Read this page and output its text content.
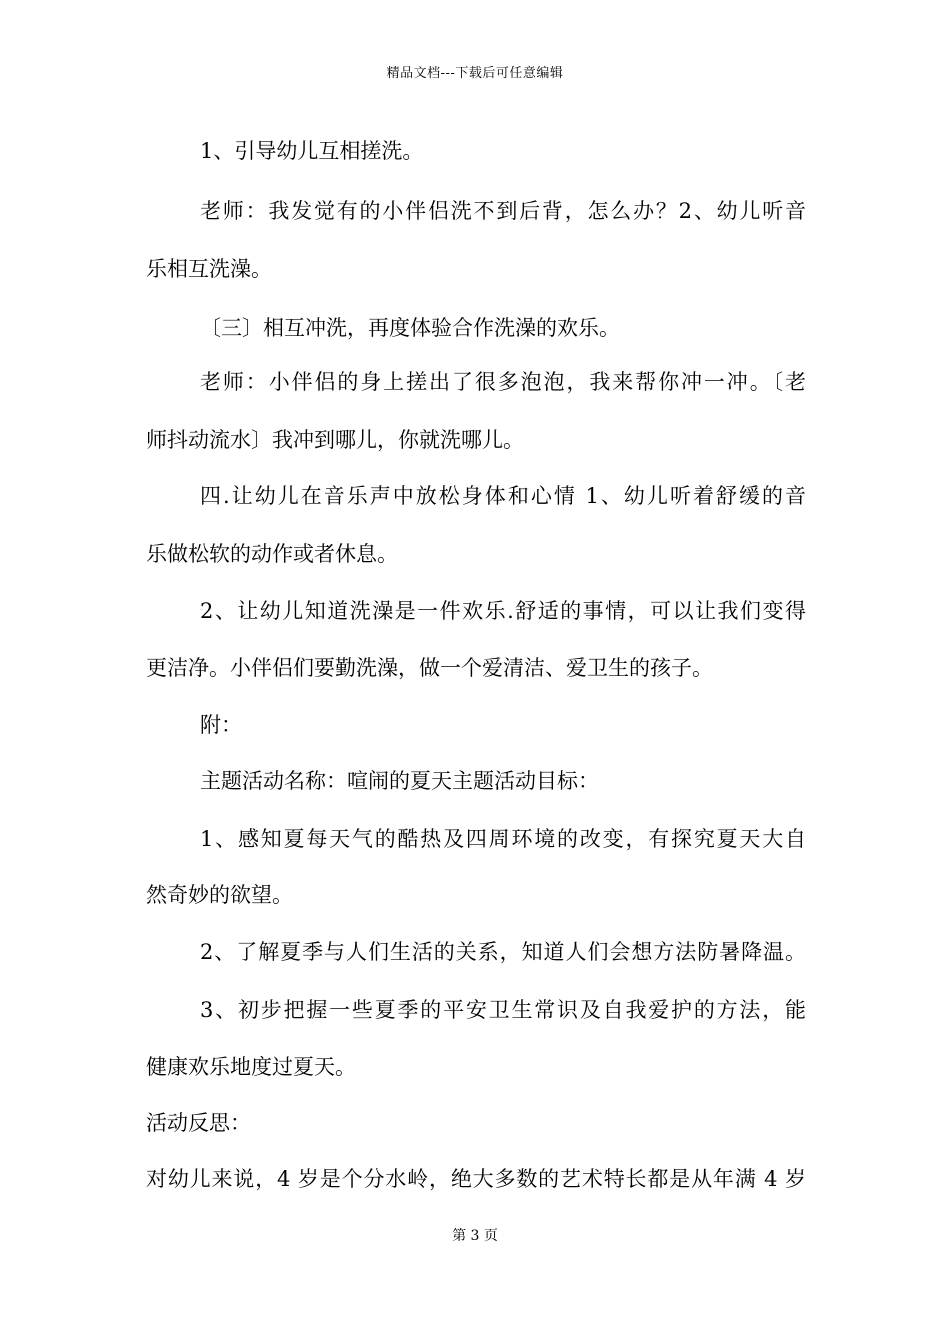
精品文档---下载后可任意编辑
1、引导幼儿互相搓洗。
老师：我发觉有的小伴侣洗不到后背，怎么办？2、幼儿听音
乐相互洗澡。
〔三〕相互冲洗，再度体验合作洗澡的欢乐。
老师：小伴侣的身上搓出了很多泡泡，我来帮你冲一冲。〔老
师抖动流水〕我冲到哪儿，你就洗哪儿。
四.让幼儿在音乐声中放松身体和心情 1、幼儿听着舒缓的音
乐做松软的动作或者休息。
2、让幼儿知道洗澡是一件欢乐.舒适的事情，可以让我们变得
更洁净。小伴侣们要勤洗澡，做一个爱清洁、爱卫生的孩子。
附：
主题活动名称：喧闹的夏天主题活动目标：
1、感知夏每天气的酷热及四周环境的改变，有探究夏天大自
然奇妙的欲望。
2、了解夏季与人们生活的关系，知道人们会想方法防暑降温。
3、初步把握一些夏季的平安卫生常识及自我爱护的方法，能
健康欢乐地度过夏天。
活动反思：
对幼儿来说，4 岁是个分水岭，绝大多数的艺术特长都是从年满 4 岁
第 3 页
